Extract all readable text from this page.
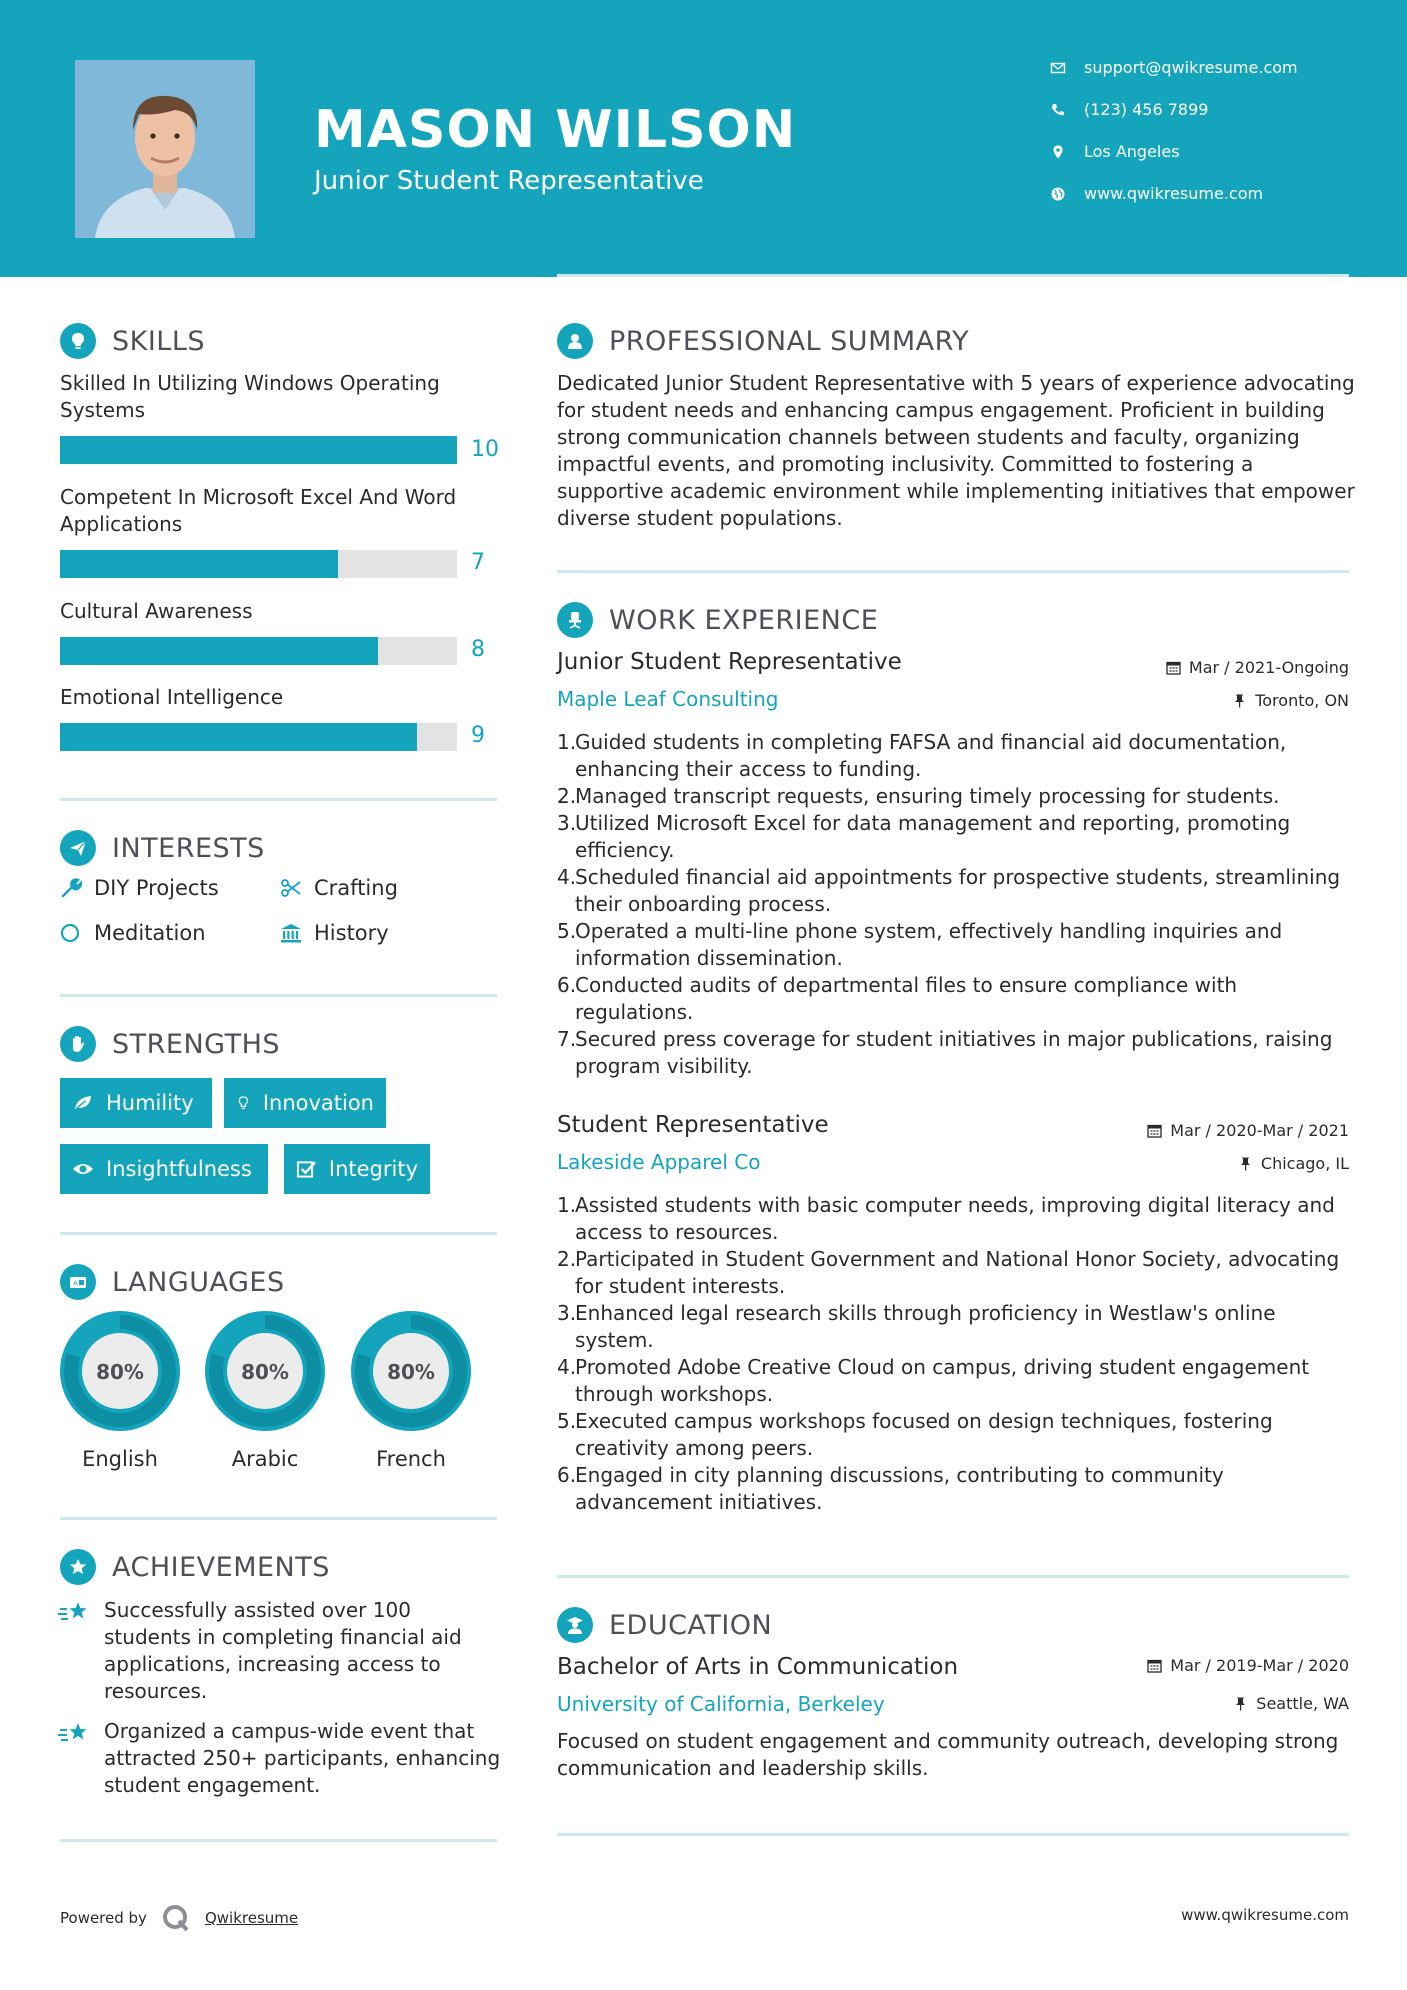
MASON WILSON
Junior Student Representative
support@qwikresume.com
(123) 456 7899
Los Angeles
www.qwikresume.com
SKILLS
Skilled In Utilizing Windows Operating Systems
10
Competent In Microsoft Excel And Word Applications
7
Cultural Awareness
8
Emotional Intelligence
9
INTERESTS
DIY Projects	Crafting
Meditation	History
STRENGTHS
Humility	Innovation
Insightfulness	Integrity
A LANGUAGES
80%
English
80%
Arabic
80%
French
ACHIEVEMENTS
Successfully assisted over 100 students in completing financial aid applications, increasing access to resources.
Organized a campus-wide event that attracted 250+ participants, enhancing student engagement.
PROFESSIONAL SUMMARY
Dedicated Junior Student Representative with 5 years of experience advocating for student needs and enhancing campus engagement. Proficient in building strong communication channels between students and faculty, organizing impactful events, and promoting inclusivity. Committed to fostering a supportive academic environment while implementing initiatives that empower diverse student populations.
WORK EXPERIENCE
Junior Student Representative	Mar / 2021-Ongoing
Maple Leaf Consulting	Toronto, ON
Guided students in completing FAFSA and financial aid documentation, enhancing their access to funding.
Managed transcript requests, ensuring timely processing for students.
Utilized Microsoft Excel for data management and reporting, promoting efficiency.
Scheduled financial aid appointments for prospective students, streamlining their onboarding process.
Operated a multi-line phone system, effectively handling inquiries and information dissemination.
Conducted audits of departmental files to ensure compliance with regulations.
Secured press coverage for student initiatives in major publications, raising program visibility.
Student Representative	Mar / 2020-Mar / 2021
Lakeside Apparel Co	Chicago, IL
Assisted students with basic computer needs, improving digital literacy and access to resources.
Participated in Student Government and National Honor Society, advocating for student interests.
Enhanced legal research skills through proficiency in Westlaw's online system.
Promoted Adobe Creative Cloud on campus, driving student engagement through workshops.
Executed campus workshops focused on design techniques, fostering creativity among peers.
Engaged in city planning discussions, contributing to community advancement initiatives.
EDUCATION
Bachelor of Arts in Communication	Mar / 2019-Mar / 2020
University of California, Berkeley	Seattle, WA
Focused on student engagement and community outreach, developing strong communication and leadership skills.
Powered by	Qwikresume	www.qwikresume.com
